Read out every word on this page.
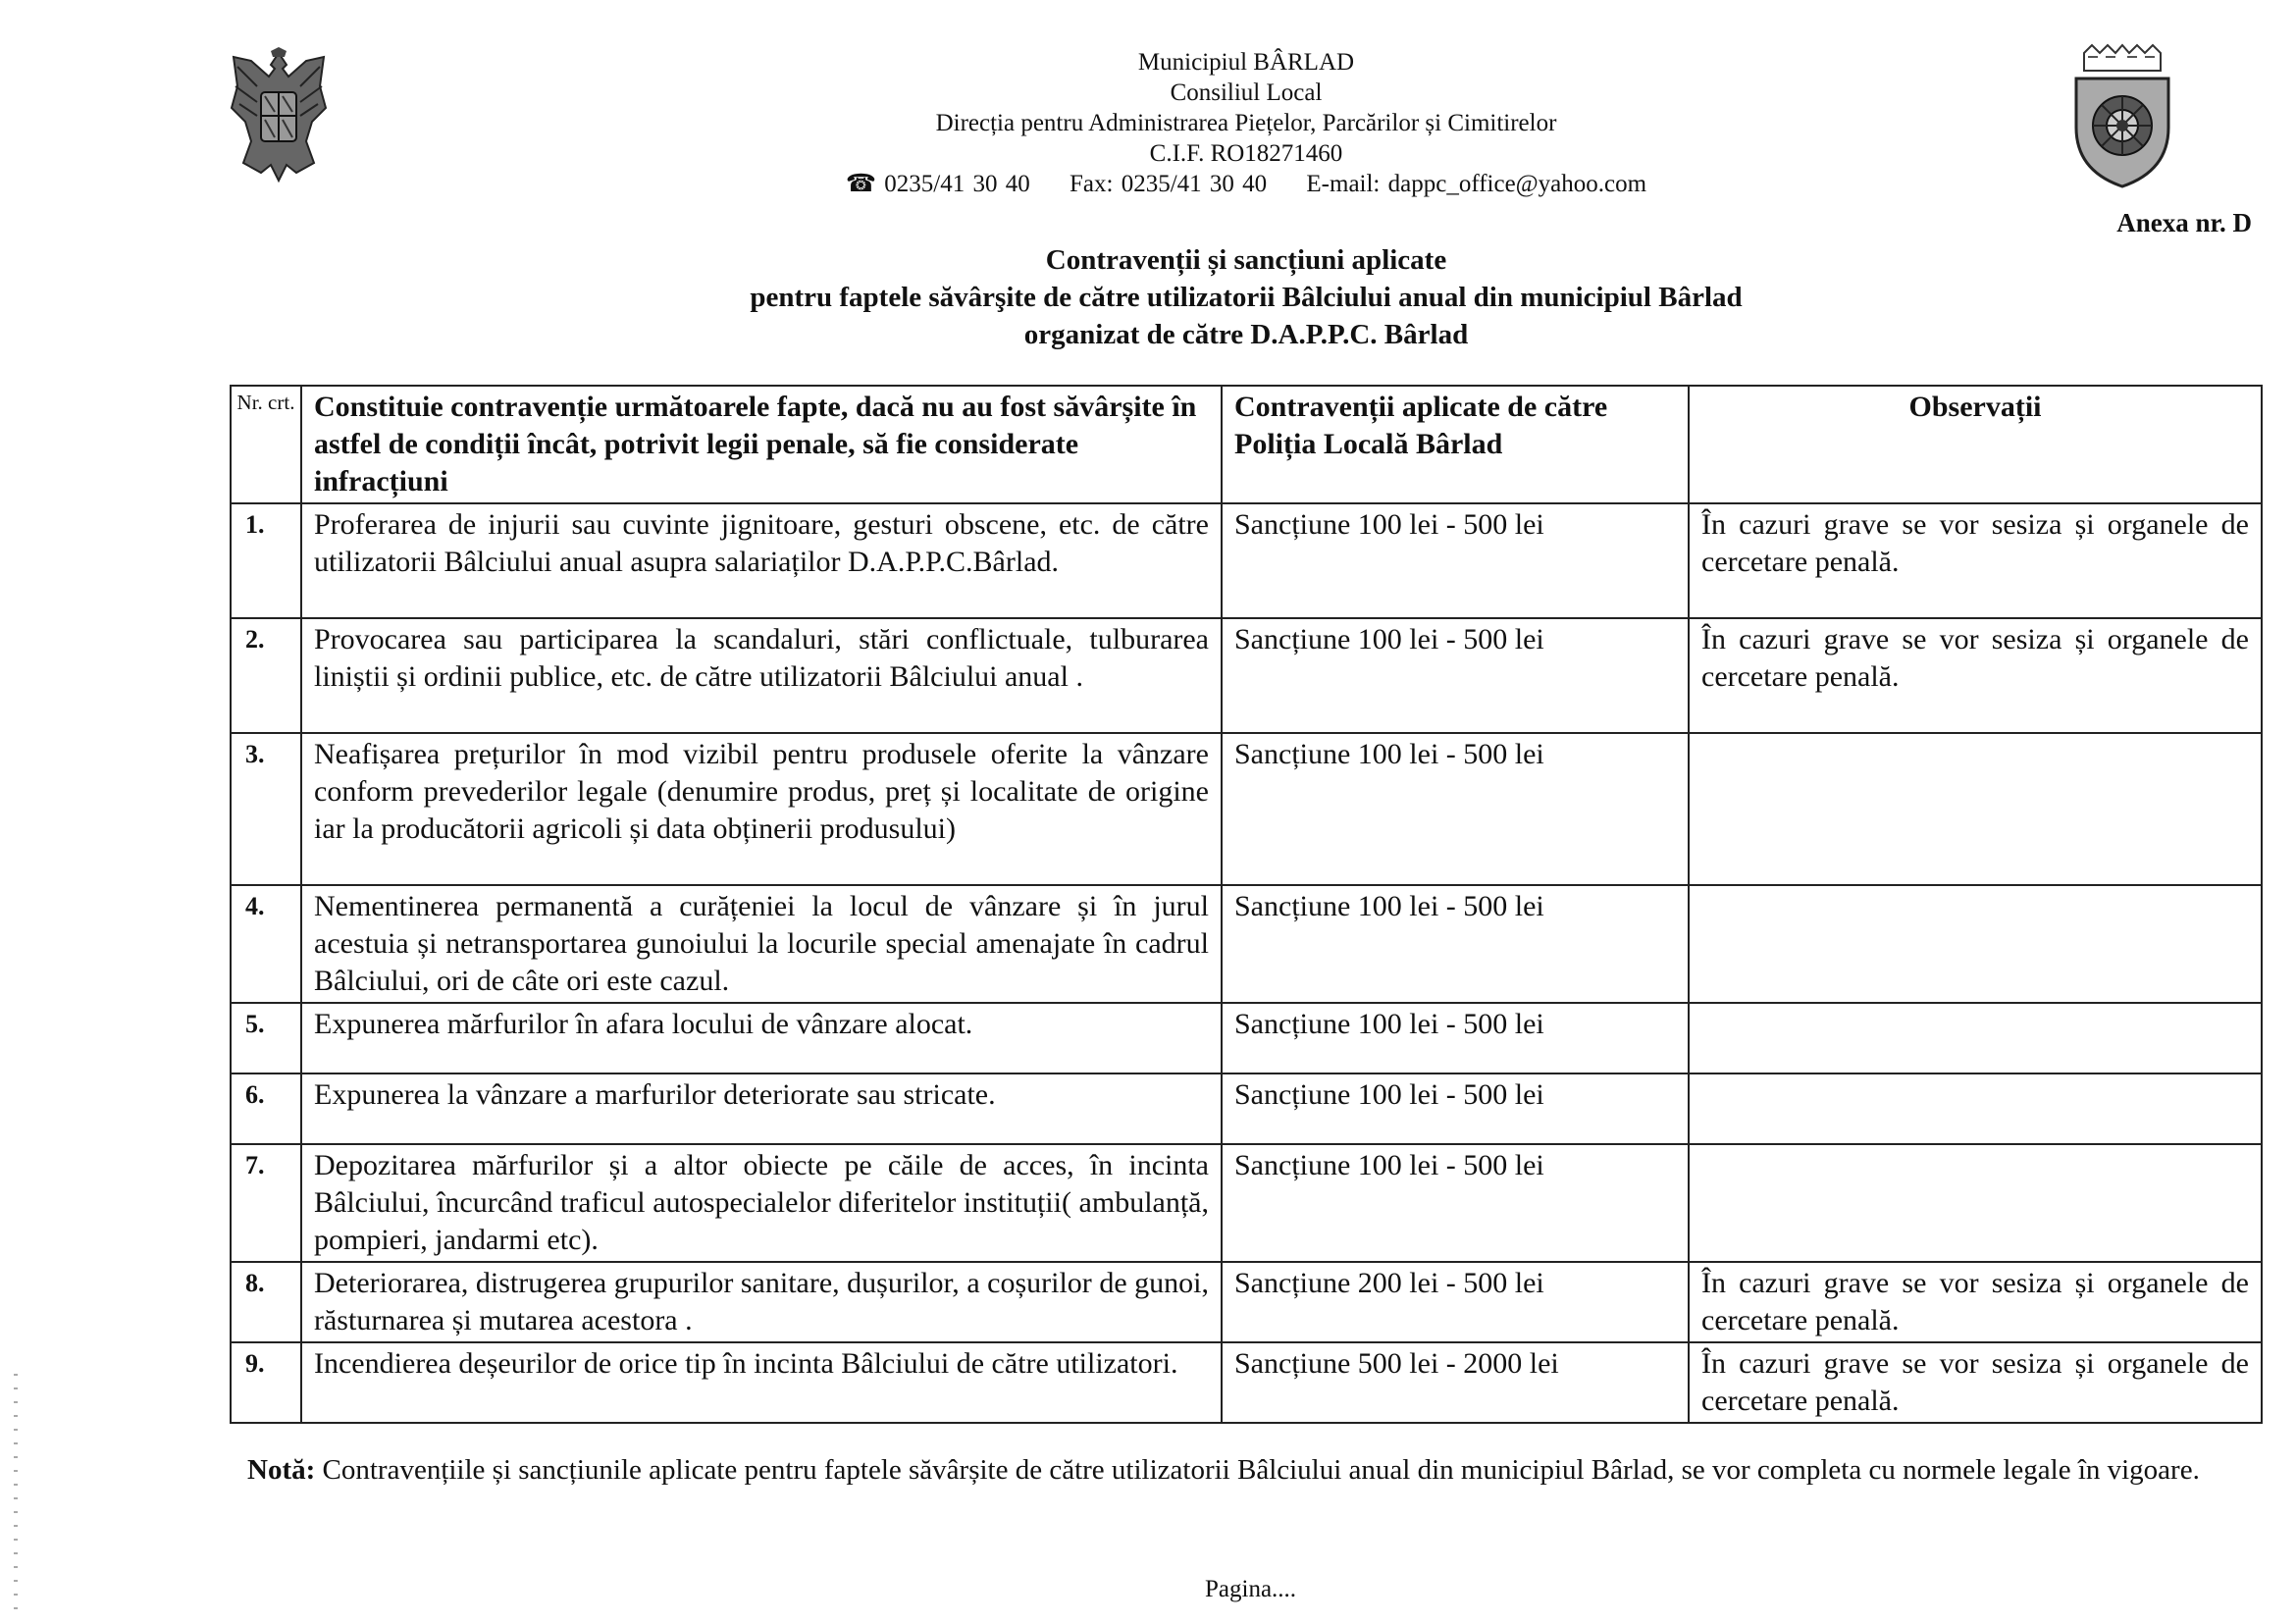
Municipiul BÂRLAD
Consiliul Local
Direcția pentru Administrarea Piețelor, Parcărilor și Cimitirelor
C.I.F. RO18271460
☎ 0235/41 30 40 Fax: 0235/41 30 40 E-mail: dappc_office@yahoo.com
Anexa nr. D
Contravenții și sancțiuni aplicate
pentru faptele săvârşite de către utilizatorii Bâlciului anual din municipiul Bârlad
organizat de către D.A.P.P.C. Bârlad
Nr. crt.	Constituie contravenție următoarele fapte, dacă nu au fost săvârșite în astfel de condiții încât, potrivit legii penale, să fie considerate infracțiuni	Contravenții aplicate de către Poliția Locală Bârlad	Observații
1.	Proferarea de injurii sau cuvinte jignitoare, gesturi obscene, etc. de către utilizatorii Bâlciului anual asupra salariaților D.A.P.P.C.Bârlad.	Sancțiune 100 lei - 500 lei	În cazuri grave se vor sesiza și organele de cercetare penală.
2.	Provocarea sau participarea la scandaluri, stări conflictuale, tulburarea liniștii și ordinii publice, etc. de către utilizatorii Bâlciului anual .	Sancțiune 100 lei - 500 lei	În cazuri grave se vor sesiza și organele de cercetare penală.
3.	Neafișarea prețurilor în mod vizibil pentru produsele oferite la vânzare conform prevederilor legale (denumire produs, preț și localitate de origine iar la producătorii agricoli și data obținerii produsului)	Sancțiune 100 lei - 500 lei	
4.	Nementinerea permanentă a curățeniei la locul de vânzare și în jurul acestuia și netransportarea gunoiului la locurile special amenajate în cadrul Bâlciului, ori de câte ori este cazul.	Sancțiune 100 lei - 500 lei	
5.	Expunerea mărfurilor în afara locului de vânzare alocat.	Sancțiune 100 lei - 500 lei	
6.	Expunerea la vânzare a marfurilor deteriorate sau stricate.	Sancțiune 100 lei - 500 lei	
7.	Depozitarea mărfurilor și a altor obiecte pe căile de acces, în incinta Bâlciului, încurcând traficul autospecialelor diferitelor instituții( ambulanță, pompieri, jandarmi etc).	Sancțiune 100 lei - 500 lei	
8.	Deteriorarea, distrugerea grupurilor sanitare, dușurilor, a coșurilor de gunoi, răsturnarea și mutarea acestora .	Sancțiune 200 lei - 500 lei	În cazuri grave se vor sesiza și organele de cercetare penală.
9.	Incendierea deșeurilor de orice tip în incinta Bâlciului de către utilizatori.	Sancțiune 500 lei - 2000 lei	În cazuri grave se vor sesiza și organele de cercetare penală.
Notă: Contravențiile și sancțiunile aplicate pentru faptele săvârșite de către utilizatorii Bâlciului anual din municipiul Bârlad, se vor completa cu normele legale în vigoare.
Pagina....
